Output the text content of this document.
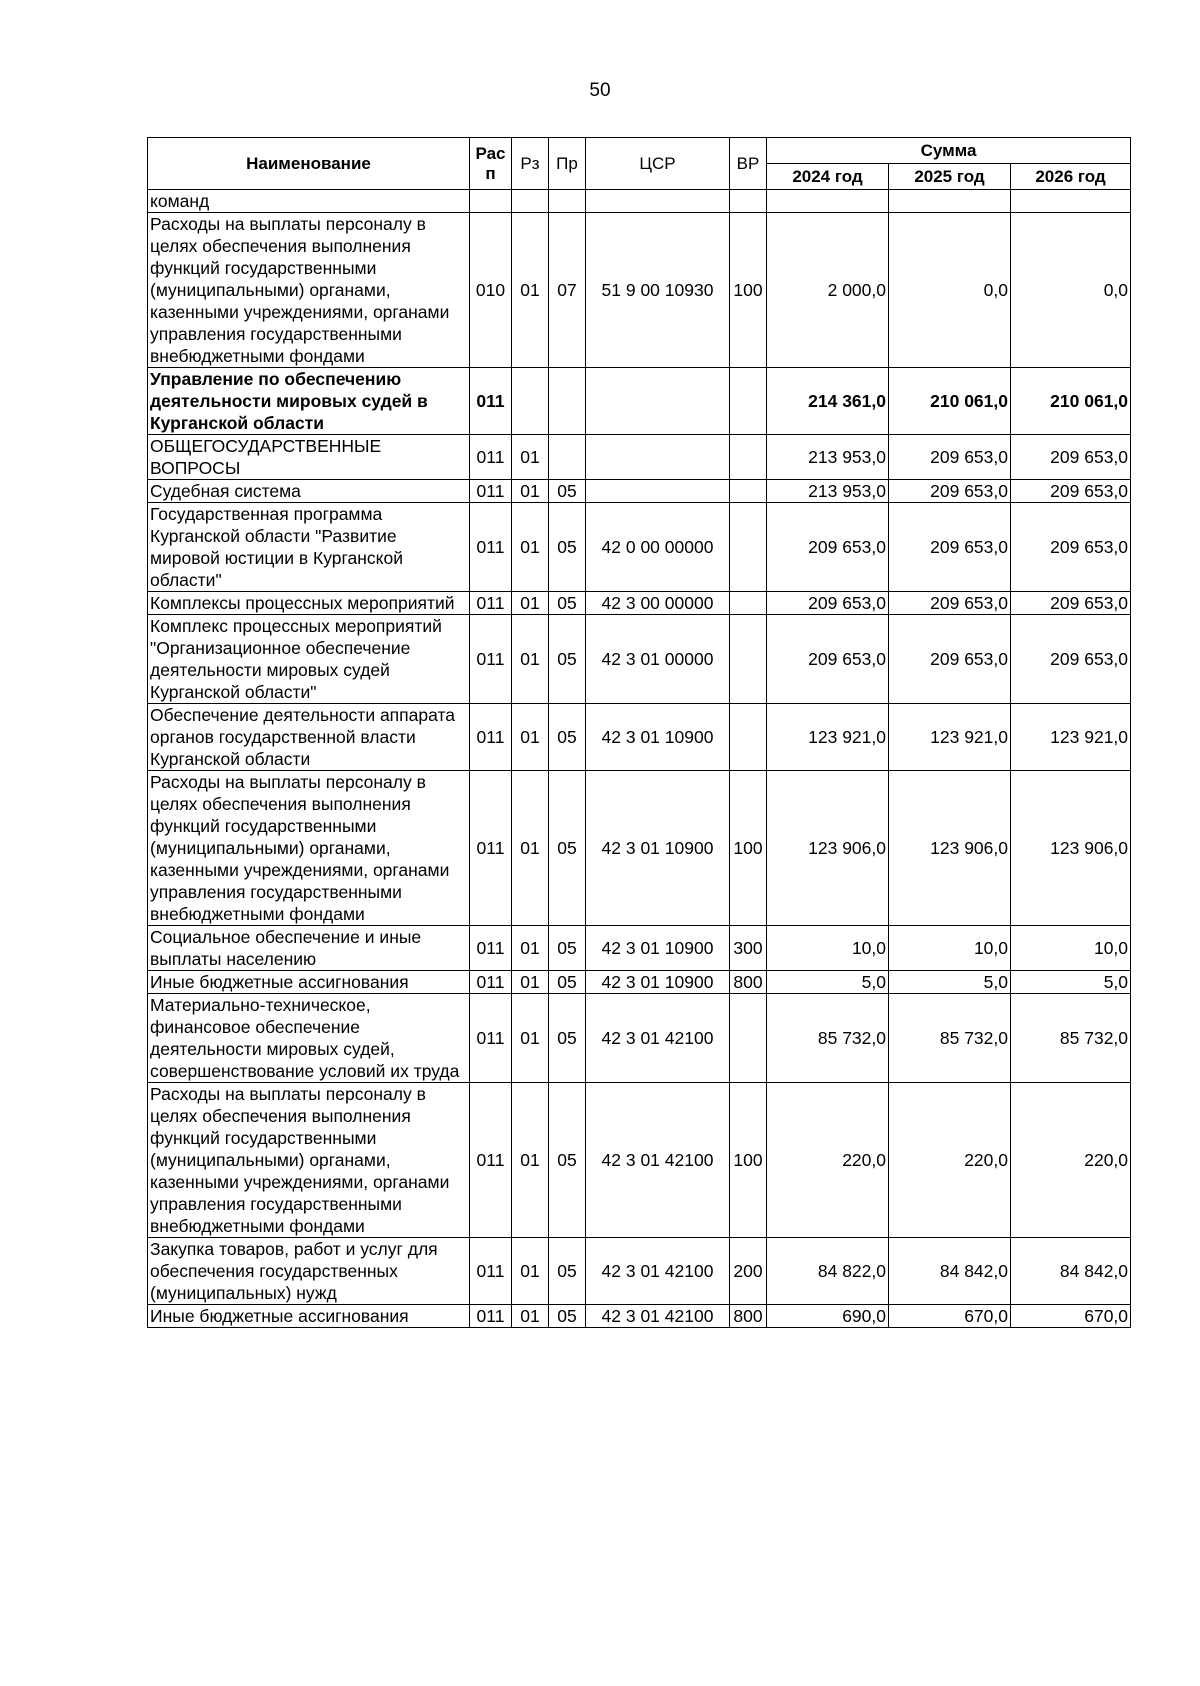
50
Наименование	Рас п	Рз	Пр	ЦСР	ВР	Сумма		
						2024 год	2025 год	2026 год
команд								
Расходы на выплаты персоналу в целях обеспечения выполнения функций государственными (муниципальными) органами, казенными учреждениями, органами управления государственными внебюджетными фондами	010	01	07	51 9 00 10930	100	2 000,0	0,0	0,0
Управление по обеспечению деятельности мировых судей в Курганской области	011					214 361,0	210 061,0	210 061,0
ОБЩЕГОСУДАРСТВЕННЫЕ ВОПРОСЫ	011	01				213 953,0	209 653,0	209 653,0
Судебная система	011	01	05			213 953,0	209 653,0	209 653,0
Государственная программа Курганской области "Развитие мировой юстиции в Курганской области"	011	01	05	42 0 00 00000		209 653,0	209 653,0	209 653,0
Комплексы процессных мероприятий	011	01	05	42 3 00 00000		209 653,0	209 653,0	209 653,0
Комплекс процессных мероприятий "Организационное обеспечение деятельности мировых судей Курганской области"	011	01	05	42 3 01 00000		209 653,0	209 653,0	209 653,0
Обеспечение деятельности аппарата органов государственной власти Курганской области	011	01	05	42 3 01 10900		123 921,0	123 921,0	123 921,0
Расходы на выплаты персоналу в целях обеспечения выполнения функций государственными (муниципальными) органами, казенными учреждениями, органами управления государственными внебюджетными фондами	011	01	05	42 3 01 10900	100	123 906,0	123 906,0	123 906,0
Социальное обеспечение и иные выплаты населению	011	01	05	42 3 01 10900	300	10,0	10,0	10,0
Иные бюджетные ассигнования	011	01	05	42 3 01 10900	800	5,0	5,0	5,0
Материально-техническое, финансовое обеспечение деятельности мировых судей, совершенствование условий их труда	011	01	05	42 3 01 42100		85 732,0	85 732,0	85 732,0
Расходы на выплаты персоналу в целях обеспечения выполнения функций государственными (муниципальными) органами, казенными учреждениями, органами управления государственными внебюджетными фондами	011	01	05	42 3 01 42100	100	220,0	220,0	220,0
Закупка товаров, работ и услуг для обеспечения государственных (муниципальных) нужд	011	01	05	42 3 01 42100	200	84 822,0	84 842,0	84 842,0
Иные бюджетные ассигнования	011	01	05	42 3 01 42100	800	690,0	670,0	670,0
